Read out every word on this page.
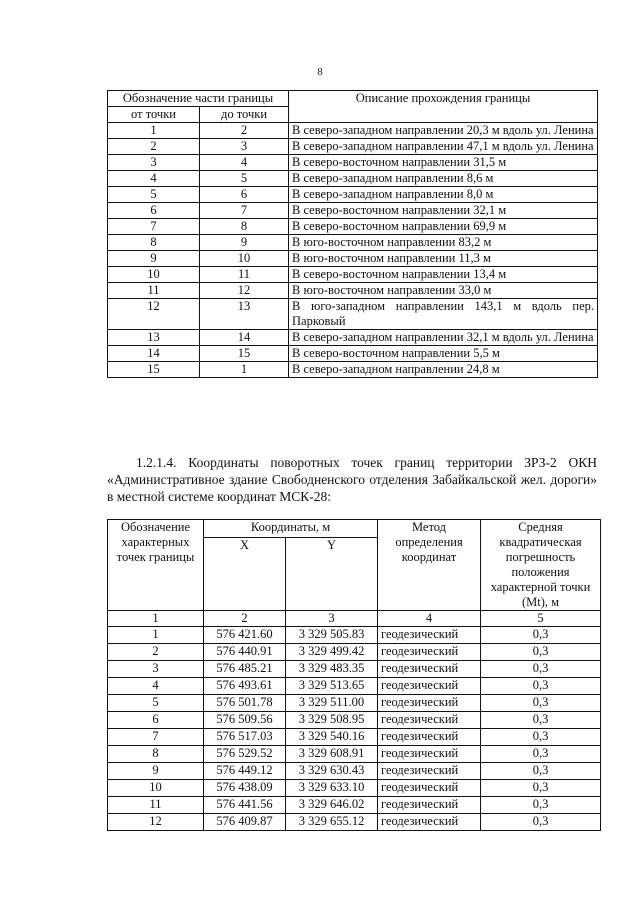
8
Обозначение части границы		Описание прохождения границы
от точки	до точки	
1	2	В северо-западном направлении 20,3 м вдоль ул. Ленина
2	3	В северо-западном направлении 47,1 м вдоль ул. Ленина
3	4	В северо-восточном направлении 31,5 м
4	5	В северо-западном направлении 8,6 м
5	6	В северо-западном направлении 8,0 м
6	7	В северо-восточном направлении 32,1 м
7	8	В северо-восточном направлении 69,9 м
8	9	В юго-восточном направлении 83,2 м
9	10	В юго-восточном направлении 11,3 м
10	11	В северо-восточном направлении 13,4 м
11	12	В юго-восточном направлении 33,0 м
12	13	В юго-западном направлении 143,1 м вдоль пер. Парковый
13	14	В северо-западном направлении 32,1 м вдоль ул. Ленина
14	15	В северо-восточном направлении 5,5 м
15	1	В северо-западном направлении 24,8 м
1.2.1.4. Координаты поворотных точек границ территории ЗРЗ-2 ОКН «Административное здание Свободненского отделения Забайкальской жел. дороги» в местной системе координат МСК-28:
Обозначение характерных точек границы	Координаты, м		Метод определения координат	Средняя квадратическая погрешность положения характерной точки (Mt), м
	X	Y		
1	2	3	4	5
1	576 421.60	3 329 505.83	геодезический	0,3
2	576 440.91	3 329 499.42	геодезический	0,3
3	576 485.21	3 329 483.35	геодезический	0,3
4	576 493.61	3 329 513.65	геодезический	0,3
5	576 501.78	3 329 511.00	геодезический	0,3
6	576 509.56	3 329 508.95	геодезический	0,3
7	576 517.03	3 329 540.16	геодезический	0,3
8	576 529.52	3 329 608.91	геодезический	0,3
9	576 449.12	3 329 630.43	геодезический	0,3
10	576 438.09	3 329 633.10	геодезический	0,3
11	576 441.56	3 329 646.02	геодезический	0,3
12	576 409.87	3 329 655.12	геодезический	0,3
